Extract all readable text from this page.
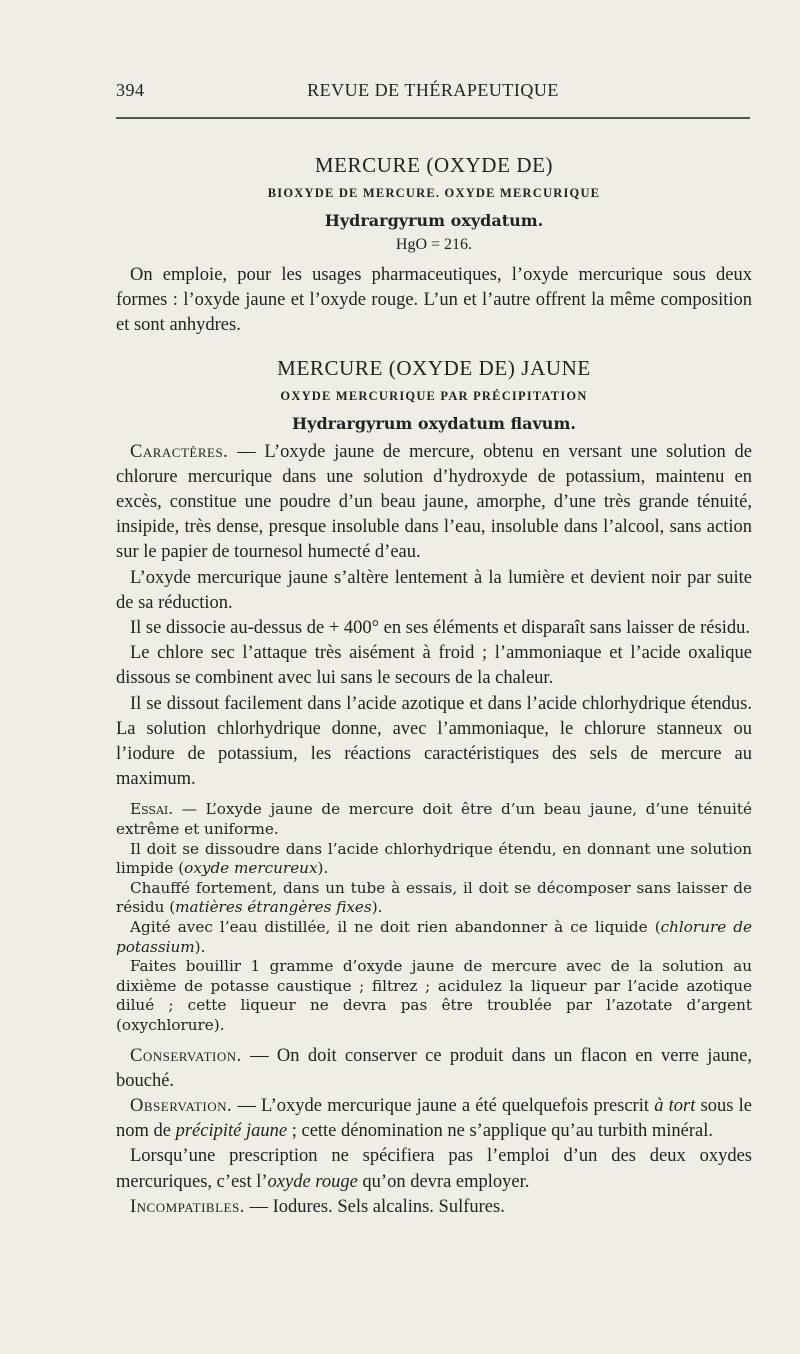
394	REVUE DE THÉRAPEUTIQUE
MERCURE (OXYDE DE)
BIOXYDE DE MERCURE. OXYDE MERCURIQUE
Hydrargyrum oxydatum.
HgO = 216.

On emploie, pour les usages pharmaceutiques, l’oxyde mercurique sous deux formes : l’oxyde jaune et l’oxyde rouge. L’un et l’autre offrent la même composition et sont anhydres.

MERCURE (OXYDE DE) JAUNE
OXYDE MERCURIQUE PAR PRÉCIPITATION
Hydrargyrum oxydatum flavum.

Caractères. — L’oxyde jaune de mercure, obtenu en versant une solution de chlorure mercurique dans une solution d’hydroxyde de potassium, maintenu en excès, constitue une poudre d’un beau jaune, amorphe, d’une très grande ténuité, insipide, très dense, presque insoluble dans l’eau, insoluble dans l’alcool, sans action sur le papier de tournesol humecté d’eau.

L’oxyde mercurique jaune s’altère lentement à la lumière et devient noir par suite de sa réduction.

Il se dissocie au-dessus de + 400° en ses éléments et disparaît sans laisser de résidu.

Le chlore sec l’attaque très aisément à froid ; l’ammoniaque et l’acide oxalique dissous se combinent avec lui sans le secours de la chaleur.

Il se dissout facilement dans l’acide azotique et dans l’acide chlorhydrique étendus. La solution chlorhydrique donne, avec l’ammoniaque, le chlorure stanneux ou l’iodure de potassium, les réactions caractéristiques des sels de mercure au maximum.

Essai. — L’oxyde jaune de mercure doit être d’un beau jaune, d’une ténuité extrême et uniforme.

Il doit se dissoudre dans l’acide chlorhydrique étendu, en donnant une solution limpide (oxyde mercureux).

Chauffé fortement, dans un tube à essais, il doit se décomposer sans laisser de résidu (matières étrangères fixes).

Agité avec l’eau distillée, il ne doit rien abandonner à ce liquide (chlorure de potassium).

Faites bouillir 1 gramme d’oxyde jaune de mercure avec de la solution au dixième de potasse caustique ; filtrez ; acidulez la liqueur par l’acide azotique dilué ; cette liqueur ne devra pas être troublée par l’azotate d’argent (oxychlorure).

Conservation. — On doit conserver ce produit dans un flacon en verre jaune, bouché.

Observation. — L’oxyde mercurique jaune a été quelquefois prescrit à tort sous le nom de précipité jaune ; cette dénomination ne s’applique qu’au turbith minéral.

Lorsqu’une prescription ne spécifiera pas l’emploi d’un des deux oxydes mercuriques, c’est l’oxyde rouge qu’on devra employer.

Incompatibles. — Iodures. Sels alcalins. Sulfures.
